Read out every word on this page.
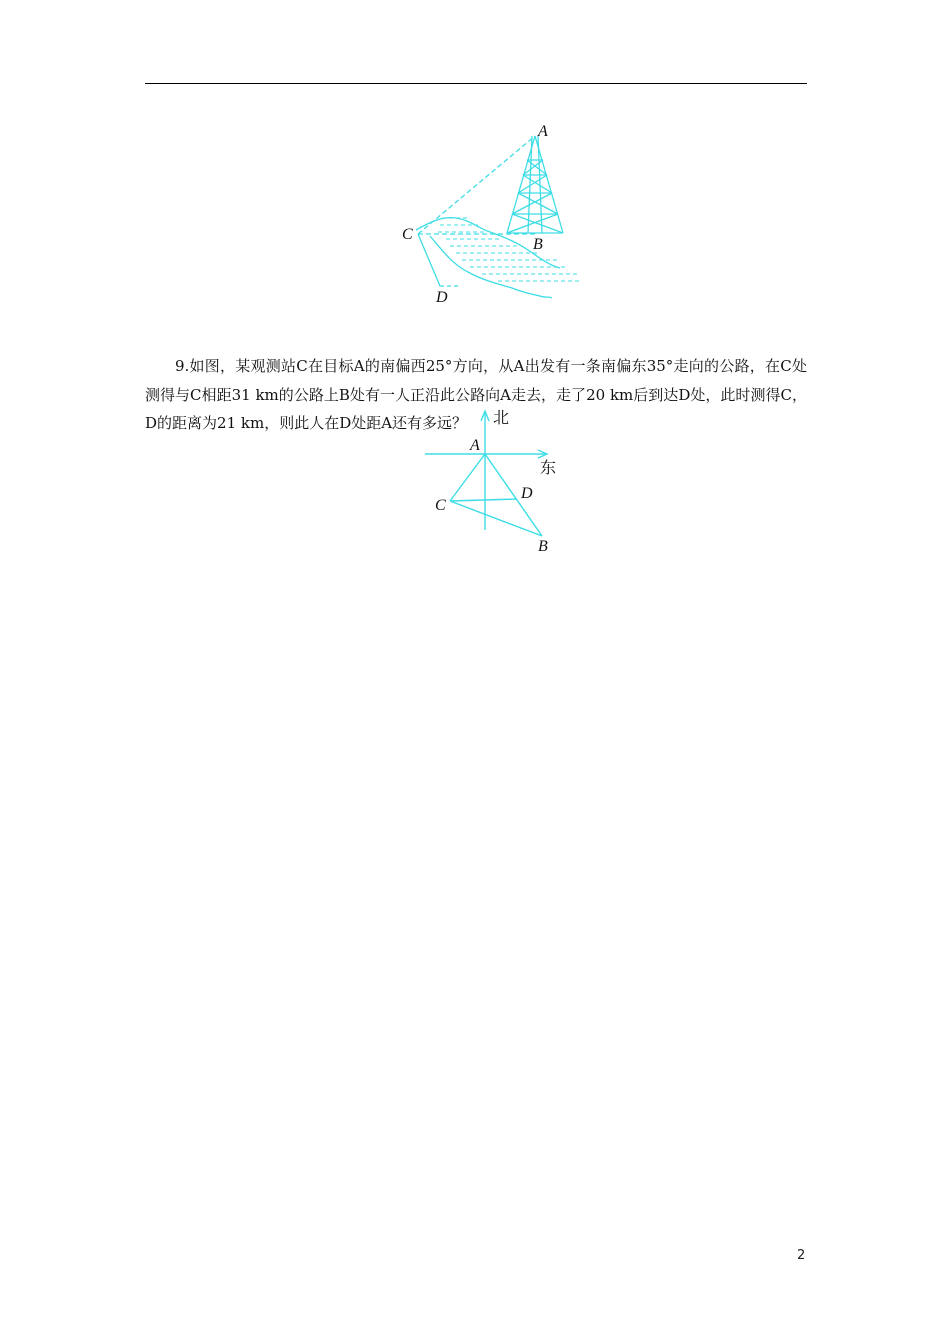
A
B
C
D

9.如图，某观测站C在目标A的南偏西25°方向，从A出发有一条南偏东35°走向的公路，在C处测得与C相距31 km的公路上B处有一人正沿此公路向A走去，走了20 km后到达D处，此时测得C，D的距离为21 km，则此人在D处距A还有多远？	北
东
A
D
C
B
2
